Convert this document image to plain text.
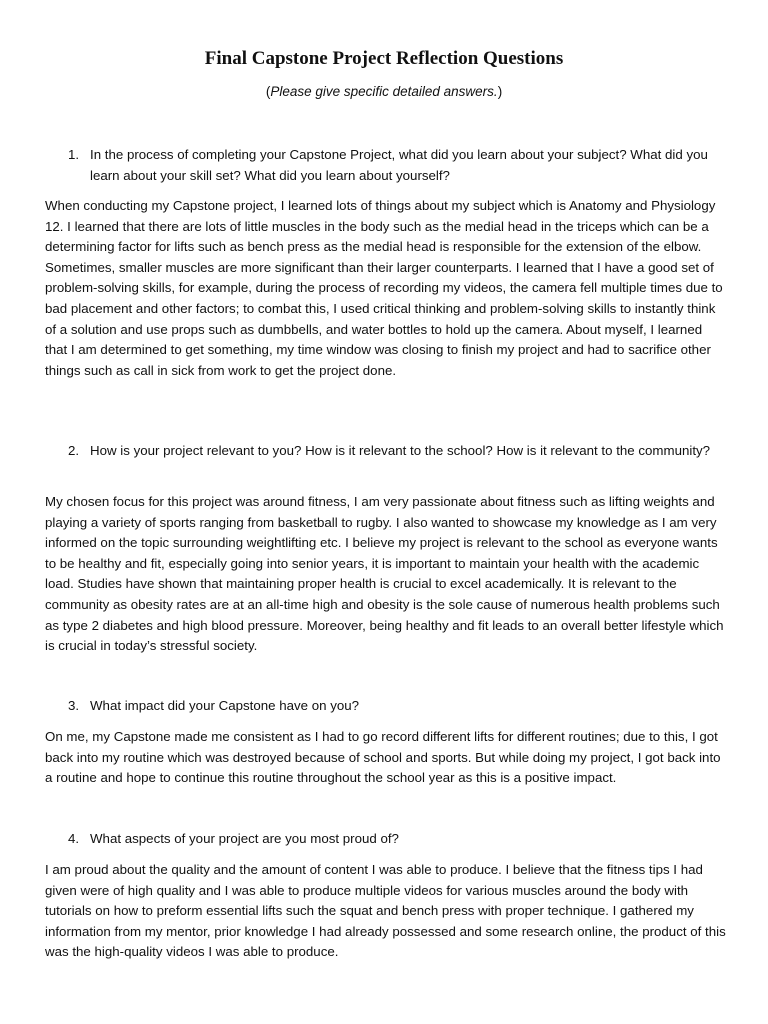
Final Capstone Project Reflection Questions

(Please give specific detailed answers.)

1. In the process of completing your Capstone Project, what did you learn about your subject? What did you learn about your skill set? What did you learn about yourself?

When conducting my Capstone project, I learned lots of things about my subject which is Anatomy and Physiology 12. I learned that there are lots of little muscles in the body such as the medial head in the triceps which can be a determining factor for lifts such as bench press as the medial head is responsible for the extension of the elbow. Sometimes, smaller muscles are more significant than their larger counterparts. I learned that I have a good set of problem-solving skills, for example, during the process of recording my videos, the camera fell multiple times due to bad placement and other factors; to combat this, I used critical thinking and problem-solving skills to instantly think of a solution and use props such as dumbbells, and water bottles to hold up the camera. About myself, I learned that I am determined to get something, my time window was closing to finish my project and had to sacrifice other things such as call in sick from work to get the project done.

2. How is your project relevant to you? How is it relevant to the school? How is it relevant to the community?

My chosen focus for this project was around fitness, I am very passionate about fitness such as lifting weights and playing a variety of sports ranging from basketball to rugby. I also wanted to showcase my knowledge as I am very informed on the topic surrounding weightlifting etc. I believe my project is relevant to the school as everyone wants to be healthy and fit, especially going into senior years, it is important to maintain your health with the academic load. Studies have shown that maintaining proper health is crucial to excel academically. It is relevant to the community as obesity rates are at an all-time high and obesity is the sole cause of numerous health problems such as type 2 diabetes and high blood pressure. Moreover, being healthy and fit leads to an overall better lifestyle which is crucial in today’s stressful society.

3. What impact did your Capstone have on you?

On me, my Capstone made me consistent as I had to go record different lifts for different routines; due to this, I got back into my routine which was destroyed because of school and sports. But while doing my project, I got back into a routine and hope to continue this routine throughout the school year as this is a positive impact.

4. What aspects of your project are you most proud of?

I am proud about the quality and the amount of content I was able to produce. I believe that the fitness tips I had given were of high quality and I was able to produce multiple videos for various muscles around the body with tutorials on how to preform essential lifts such the squat and bench press with proper technique. I gathered my information from my mentor, prior knowledge I had already possessed and some research online, the product of this was the high-quality videos I was able to produce.
